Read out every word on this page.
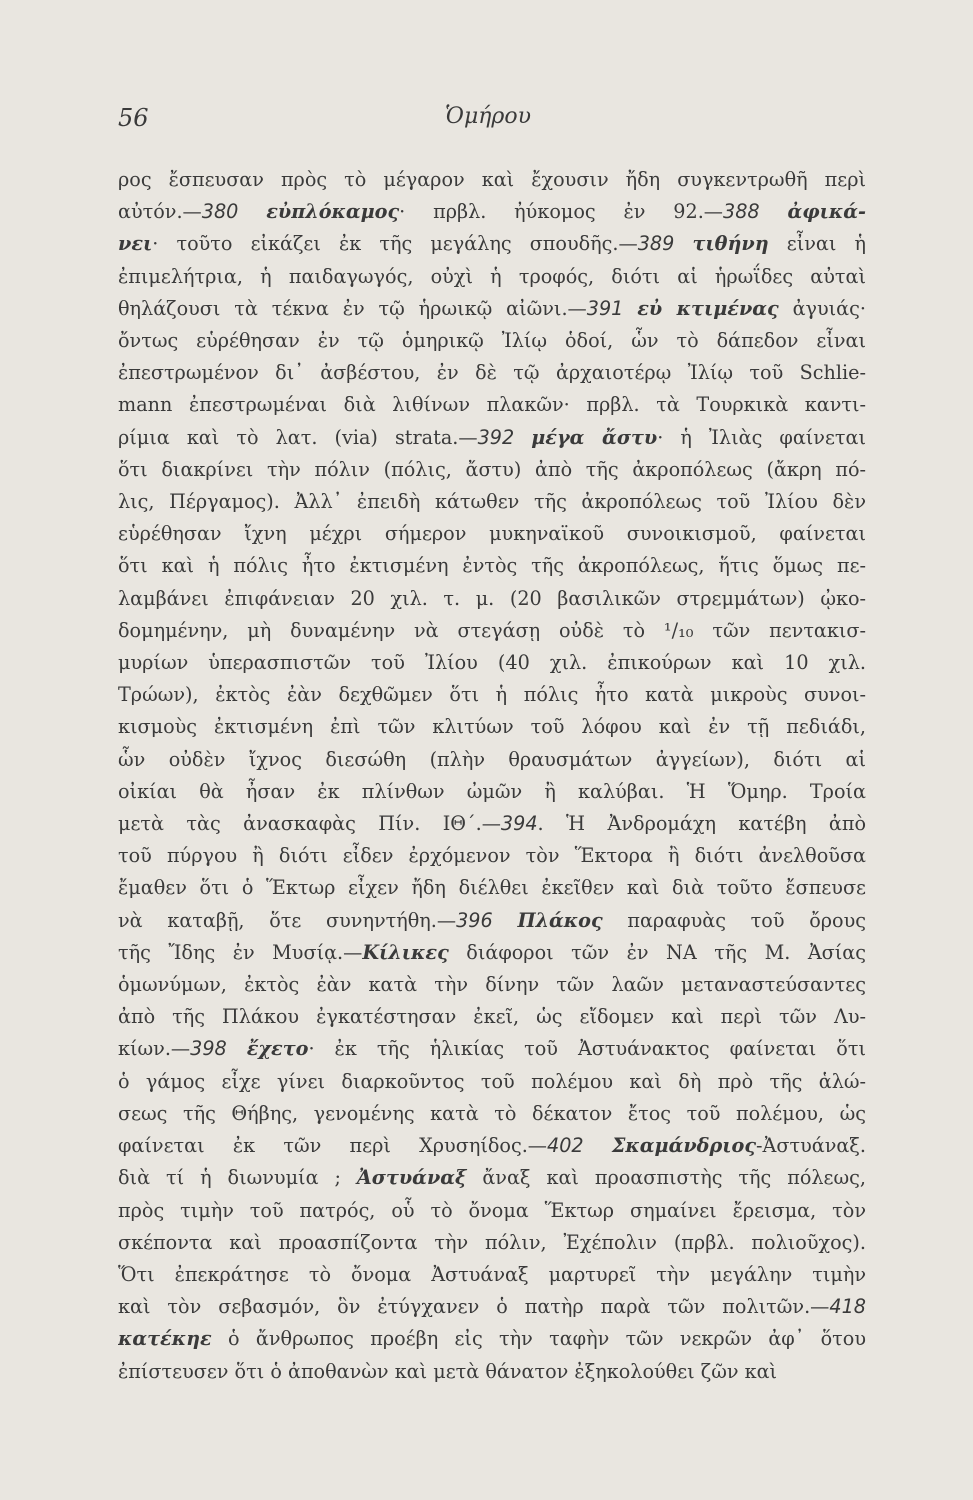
56	Ὁμήρου
ρος ἔσπευσαν πρὸς τὸ μέγαρον καὶ ἔχουσιν ἤδη συγκεντρωθῆ περὶ
αὐτόν.—380 εὐπλόκαμος· πρβλ. ἠύκομος ἐν 92.—388 ἀφικά-
νει· τοῦτο εἰκάζει ἐκ τῆς μεγάλης σπουδῆς.—389 τιθήνη εἶναι ἡ
ἐπιμελήτρια, ἡ παιδαγωγός, οὐχὶ ἡ τροφός, διότι αἱ ἡρωΐδες αὐταὶ
θηλάζουσι τὰ τέκνα ἐν τῷ ἡρωικῷ αἰῶνι.—391 εὐ κτιμένας ἀγυιάς·
ὄντως εὑρέθησαν ἐν τῷ ὁμηρικῷ Ἰλίῳ ὁδοί, ὧν τὸ δάπεδον εἶναι
ἐπεστρωμένον δι᾽ ἀσβέστου, ἐν δὲ τῷ ἀρχαιοτέρῳ Ἰλίῳ τοῦ Schlie-
mann ἐπεστρωμέναι διὰ λιθίνων πλακῶν· πρβλ. τὰ Τουρκικὰ καντι-
ρίμια καὶ τὸ λατ. (via) strata.—392 μέγα ἄστυ· ἡ Ἰλιὰς φαίνεται
ὅτι διακρίνει τὴν πόλιν (πόλις, ἄστυ) ἀπὸ τῆς ἀκροπόλεως (ἄκρη πό-
λις, Πέργαμος). Ἀλλ᾽ ἐπειδὴ κάτωθεν τῆς ἀκροπόλεως τοῦ Ἰλίου δὲν
εὑρέθησαν ἴχνη μέχρι σήμερον μυκηναϊκοῦ συνοικισμοῦ, φαίνεται
ὅτι καὶ ἡ πόλις ἦτο ἐκτισμένη ἐντὸς τῆς ἀκροπόλεως, ἥτις ὅμως πε-
λαμβάνει ἐπιφάνειαν 20 χιλ. τ. μ. (20 βασιλικῶν στρεμμάτων) ᾠκο-
δομημένην, μὴ δυναμένην νὰ στεγάσῃ οὐδὲ τὸ ¹/₁₀ τῶν πεντακισ-
μυρίων ὑπερασπιστῶν τοῦ Ἰλίου (40 χιλ. ἐπικούρων καὶ 10 χιλ.
Τρώων), ἐκτὸς ἐὰν δεχθῶμεν ὅτι ἡ πόλις ἦτο κατὰ μικροὺς συνοι-
κισμοὺς ἐκτισμένη ἐπὶ τῶν κλιτύων τοῦ λόφου καὶ ἐν τῇ πεδιάδι,
ὧν οὐδὲν ἴχνος διεσώθη (πλὴν θραυσμάτων ἀγγείων), διότι αἱ
οἰκίαι θὰ ἦσαν ἐκ πλίνθων ὠμῶν ἢ καλύβαι. Ἡ Ὅμηρ. Τροία
μετὰ τὰς ἀνασκαφὰς Πίν. ΙΘ΄.—394. Ἡ Ἀνδρομάχη κατέβη ἀπὸ
τοῦ πύργου ἢ διότι εἶδεν ἐρχόμενον τὸν Ἕκτορα ἢ διότι ἀνελθοῦσα
ἔμαθεν ὅτι ὁ Ἕκτωρ εἶχεν ἤδη διέλθει ἐκεῖθεν καὶ διὰ τοῦτο ἔσπευσε
νὰ καταβῇ, ὅτε συνηντήθη.—396 Πλάκος παραφυὰς τοῦ ὄρους
τῆς Ἴδης ἐν Μυσίᾳ.—Κίλικες διάφοροι τῶν ἐν ΝΑ τῆς Μ. Ἀσίας
ὁμωνύμων, ἐκτὸς ἐὰν κατὰ τὴν δίνην τῶν λαῶν μεταναστεύσαντες
ἀπὸ τῆς Πλάκου ἐγκατέστησαν ἐκεῖ, ὡς εἴδομεν καὶ περὶ τῶν Λυ-
κίων.—398 ἔχετο· ἐκ τῆς ἡλικίας τοῦ Ἀστυάνακτος φαίνεται ὅτι
ὁ γάμος εἶχε γίνει διαρκοῦντος τοῦ πολέμου καὶ δὴ πρὸ τῆς ἁλώ-
σεως τῆς Θήβης, γενομένης κατὰ τὸ δέκατον ἔτος τοῦ πολέμου, ὡς
φαίνεται ἐκ τῶν περὶ Χρυσηίδος.—402 Σκαμάνδριος-Ἀστυάναξ.
διὰ τί ἡ διωνυμία ; Ἀστυάναξ ἄναξ καὶ προασπιστὴς τῆς πόλεως,
πρὸς τιμὴν τοῦ πατρός, οὗ τὸ ὄνομα Ἕκτωρ σημαίνει ἔρεισμα, τὸν
σκέποντα καὶ προασπίζοντα τὴν πόλιν, Ἐχέπολιν (πρβλ. πολιοῦχος).
Ὅτι ἐπεκράτησε τὸ ὄνομα Ἀστυάναξ μαρτυρεῖ τὴν μεγάλην τιμὴν
καὶ τὸν σεβασμόν, ὃν ἐτύγχανεν ὁ πατὴρ παρὰ τῶν πολιτῶν.—418
κατέκηε ὁ ἄνθρωπος προέβη εἰς τὴν ταφὴν τῶν νεκρῶν ἀφ᾽ ὅτου
ἐπίστευσεν ὅτι ὁ ἀποθανὼν καὶ μετὰ θάνατον ἐξηκολούθει ζῶν καὶ
